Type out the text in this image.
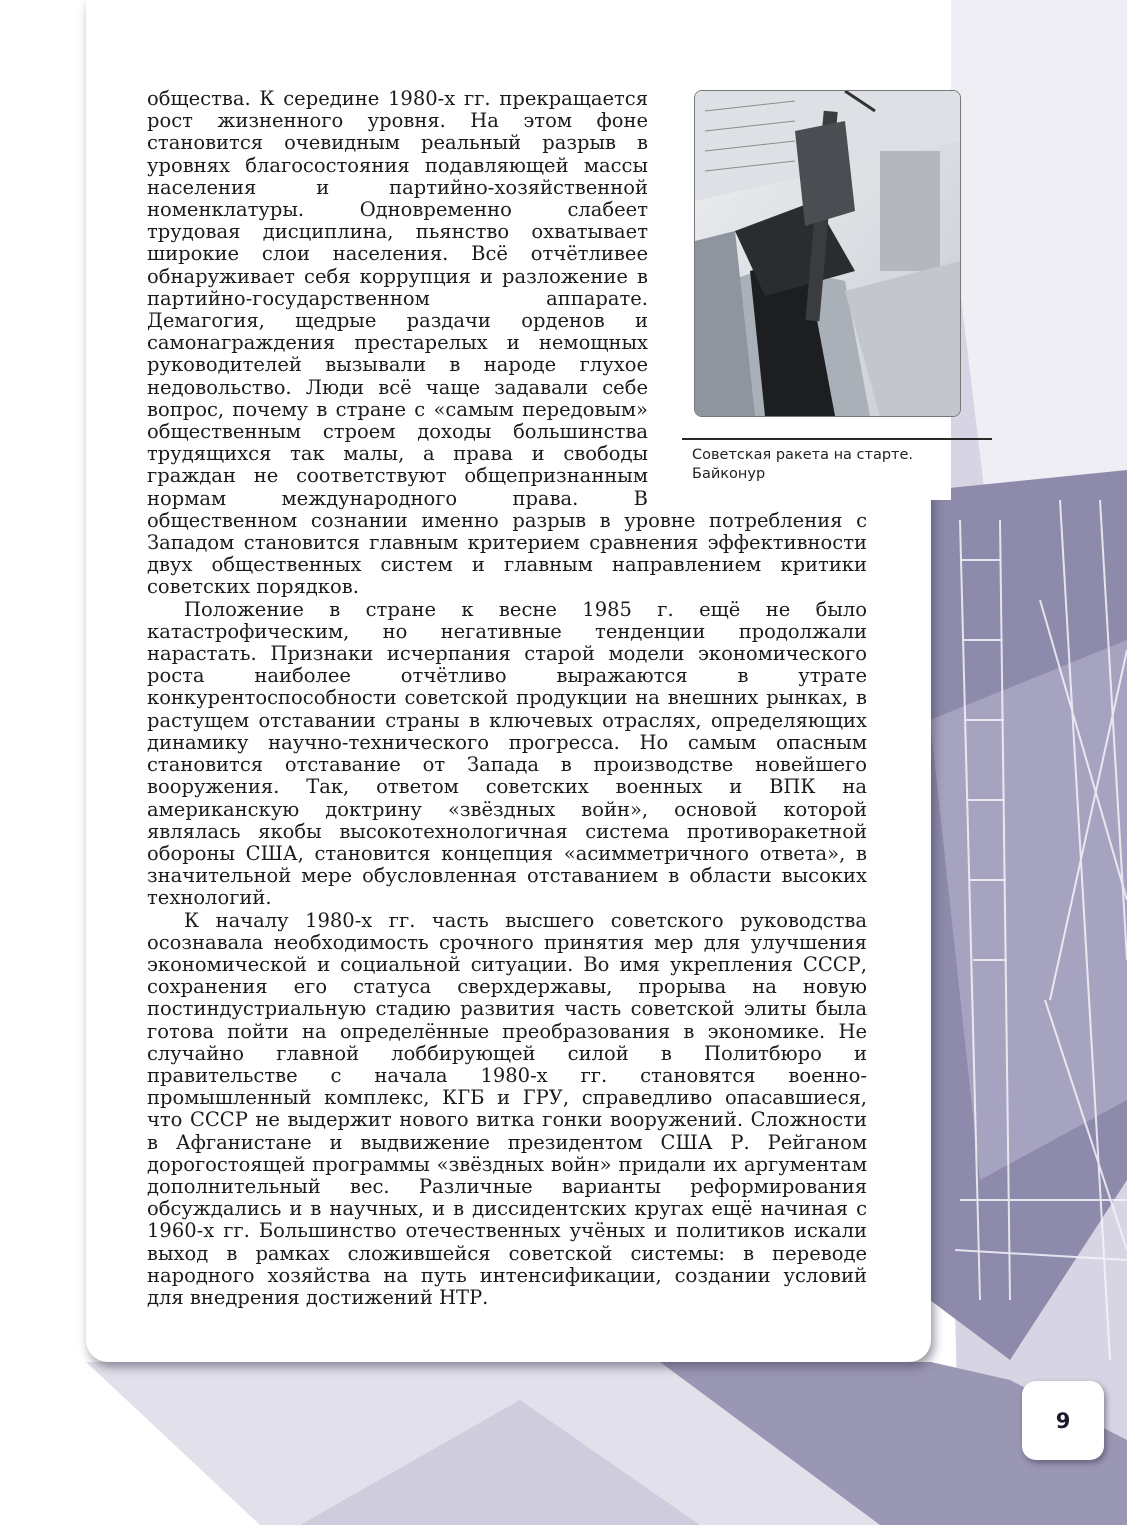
Советская ракета на старте.
Байконур

общества. К середине 1980-х гг. прекращается рост жизненного уровня. На этом фоне становится очевидным реальный разрыв в уровнях благосостояния подавляющей массы населения и партийно-хозяйственной номенклатуры. Одновременно слабеет трудовая дисциплина, пьянство охватывает широкие слои населения. Всё отчётливее обнаруживает себя коррупция и разложение в партийно-государственном аппарате. Демагогия, щедрые раздачи орденов и самонаграждения престарелых и немощных руководителей вызывали в народе глухое недовольство. Люди всё чаще задавали себе вопрос, почему в стране с «самым передовым» общественным строем доходы большинства трудящихся так малы, а права и свободы граждан не соответствуют общепризнанным нормам международного права. В общественном сознании именно разрыв в уровне потребления с Западом становится главным критерием сравнения эффективности двух общественных систем и главным направлением критики советских порядков.

Положение в стране к весне 1985 г. ещё не было катастрофическим, но негативные тенденции продолжали нарастать. Признаки исчерпания старой модели экономического роста наиболее отчётливо выражаются в утрате конкурентоспособности советской продукции на внешних рынках, в растущем отставании страны в ключевых отраслях, определяющих динамику научно-технического прогресса. Но самым опасным становится отставание от Запада в производстве новейшего вооружения. Так, ответом советских военных и ВПК на американскую доктрину «звёздных войн», основой которой являлась якобы высокотехнологичная система противоракетной обороны США, становится концепция «асимметричного ответа», в значительной мере обусловленная отставанием в области высоких технологий.

К началу 1980-х гг. часть высшего советского руководства осознавала необходимость срочного принятия мер для улучшения экономической и социальной ситуации. Во имя укрепления СССР, сохранения его статуса сверхдержавы, прорыва на новую постиндустриальную стадию развития часть советской элиты была готова пойти на определённые преобразования в экономике. Не случайно главной лоббирующей силой в Политбюро и правительстве с начала 1980-х гг. становятся военно-промышленный комплекс, КГБ и ГРУ, справедливо опасавшиеся, что СССР не выдержит нового витка гонки вооружений. Сложности в Афганистане и выдвижение президентом США Р. Рейганом дорогостоящей программы «звёздных войн» придали их аргументам дополнительный вес. Различные варианты реформирования обсуждались и в научных, и в диссидентских кругах ещё начиная с 1960-х гг. Большинство отечественных учёных и политиков искали выход в рамках сложившейся советской системы: в переводе народного хозяйства на путь интенсификации, создании условий для внедрения достижений НТР.

9
